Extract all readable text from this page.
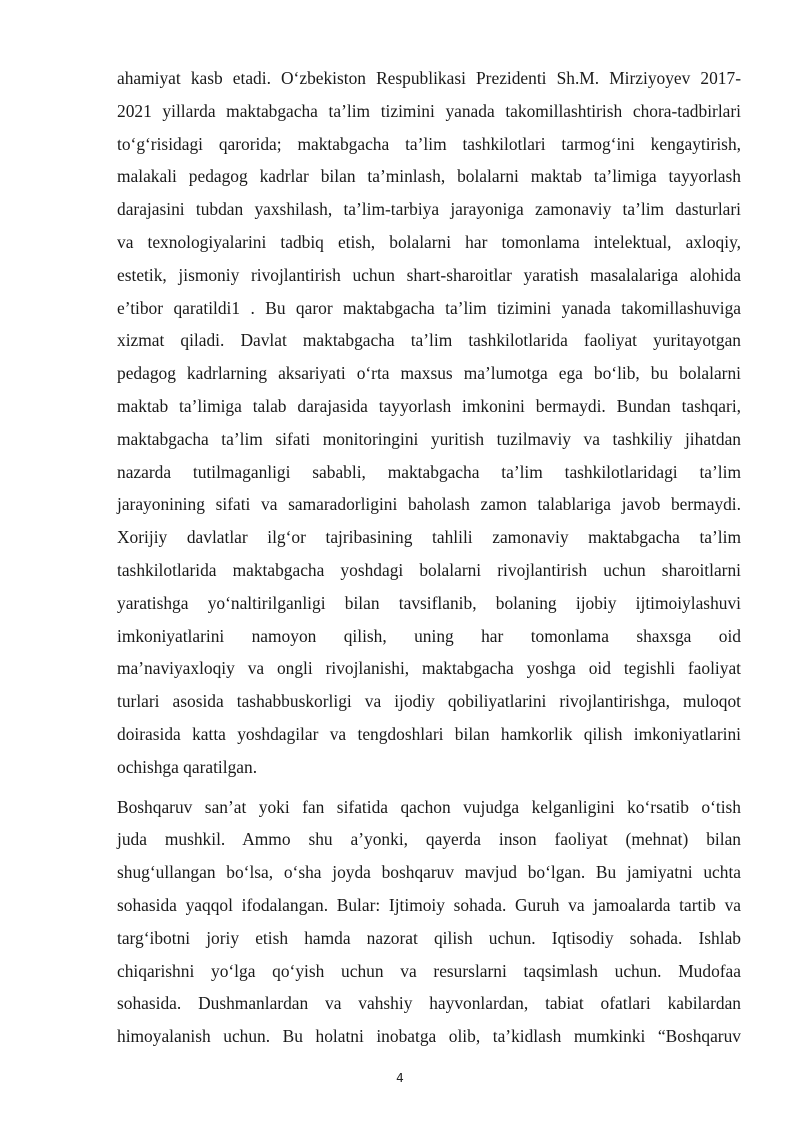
ahamiyat kasb etadi. O‘zbekiston Respublikasi Prezidenti Sh.M. Mirziyoyev 2017-
2021 yillarda maktabgacha ta’lim tizimini yanada takomillashtirish chora-tadbirlari
to‘g‘risidagi qarorida; maktabgacha ta’lim tashkilotlari tarmog‘ini kengaytirish,
malakali pedagog kadrlar bilan ta’minlash, bolalarni maktab ta’limiga tayyorlash
darajasini tubdan yaxshilash, ta’lim-tarbiya jarayoniga zamonaviy ta’lim dasturlari
va texnologiyalarini tadbiq etish, bolalarni har tomonlama intelektual, axloqiy,
estetik, jismoniy rivojlantirish uchun shart-sharoitlar yaratish masalalariga alohida
e’tibor qaratildi1 . Bu qaror maktabgacha ta’lim tizimini yanada takomillashuviga
xizmat qiladi. Davlat maktabgacha ta’lim tashkilotlarida faoliyat yuritayotgan
pedagog kadrlarning aksariyati o‘rta maxsus ma’lumotga ega bo‘lib, bu bolalarni
maktab ta’limiga talab darajasida tayyorlash imkonini bermaydi. Bundan tashqari,
maktabgacha ta’lim sifati monitoringini yuritish tuzilmaviy va tashkiliy jihatdan
nazarda tutilmaganligi sababli, maktabgacha ta’lim tashkilotlaridagi ta’lim
jarayonining sifati va samaradorligini baholash zamon talablariga javob bermaydi.
Xorijiy davlatlar ilg‘or tajribasining tahlili zamonaviy maktabgacha ta’lim
tashkilotlarida maktabgacha yoshdagi bolalarni rivojlantirish uchun sharoitlarni
yaratishga yo‘naltirilganligi bilan tavsiflanib, bolaning ijobiy ijtimoiylashuvi
imkoniyatlarini namoyon qilish, uning har tomonlama shaxsga oid
ma’naviyaxloqiy va ongli rivojlanishi, maktabgacha yoshga oid tegishli faoliyat
turlari asosida tashabbuskorligi va ijodiy qobiliyatlarini rivojlantirishga, muloqot
doirasida katta yoshdagilar va tengdoshlari bilan hamkorlik qilish imkoniyatlarini
ochishga qaratilgan.
Boshqaruv san’at yoki fan sifatida qachon vujudga kelganligini ko‘rsatib o‘tish
juda mushkil. Ammo shu a’yonki, qayerda inson faoliyat (mehnat) bilan
shug‘ullangan bo‘lsa, o‘sha joyda boshqaruv mavjud bo‘lgan. Bu jamiyatni uchta
sohasida yaqqol ifodalangan. Bular: Ijtimoiy sohada. Guruh va jamoalarda tartib va
targ‘ibotni joriy etish hamda nazorat qilish uchun. Iqtisodiy sohada. Ishlab
chiqarishni yo‘lga qo‘yish uchun va resurslarni taqsimlash uchun. Mudofaa
sohasida. Dushmanlardan va vahshiy hayvonlardan, tabiat ofatlari kabilardan
himoyalanish uchun. Bu holatni inobatga olib, ta’kidlash mumkinki “Boshqaruv
4
